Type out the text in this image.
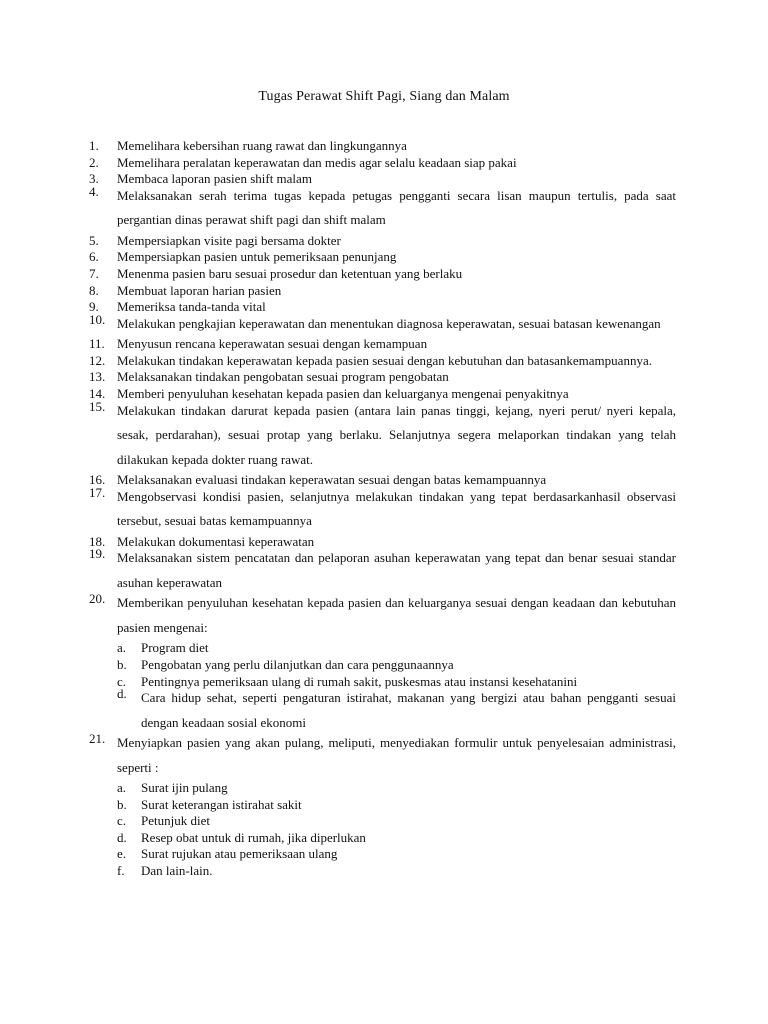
Tugas Perawat Shift Pagi, Siang dan Malam
1.	Memelihara kebersihan ruang rawat dan lingkungannya
2.	Memelihara peralatan keperawatan dan medis agar selalu keadaan siap pakai
3.	Membaca laporan pasien shift malam
4.	Melaksanakan serah terima tugas kepada petugas pengganti secara lisan maupun tertulis, pada saat pergantian dinas perawat shift pagi dan shift malam
5.	Mempersiapkan visite pagi bersama dokter
6.	Mempersiapkan pasien untuk pemeriksaan penunjang
7.	Menenma pasien baru sesuai prosedur dan ketentuan yang berlaku
8.	Membuat laporan harian pasien
9.	Memeriksa tanda-tanda vital
10. Melakukan pengkajian keperawatan dan menentukan diagnosa keperawatan, sesuai batasan kewenangan
11. Menyusun rencana keperawatan sesuai dengan kemampuan
12. Melakukan tindakan keperawatan kepada pasien sesuai dengan kebutuhan dan batasankemampuannya.
13. Melaksanakan tindakan pengobatan sesuai program pengobatan
14. Memberi penyuluhan kesehatan kepada pasien dan keluarganya mengenai penyakitnya
15. Melakukan tindakan darurat kepada pasien (antara lain panas tinggi, kejang, nyeri perut/ nyeri kepala, sesak, perdarahan), sesuai protap yang berlaku. Selanjutnya segera melaporkan tindakan yang telah dilakukan kepada dokter ruang rawat.
16. Melaksanakan evaluasi tindakan keperawatan sesuai dengan batas kemampuannya
17. Mengobservasi kondisi pasien, selanjutnya melakukan tindakan yang tepat berdasarkanhasil observasi tersebut, sesuai batas kemampuannya
18. Melakukan dokumentasi keperawatan
19. Melaksanakan sistem pencatatan dan pelaporan asuhan keperawatan yang tepat dan benar sesuai standar asuhan keperawatan
20. Memberikan penyuluhan kesehatan kepada pasien dan keluarganya sesuai dengan keadaan dan kebutuhan pasien mengenai:
a. Program diet
b. Pengobatan yang perlu dilanjutkan dan cara penggunaannya
c. Pentingnya pemeriksaan ulang di rumah sakit, puskesmas atau instansi kesehatanini
d. Cara hidup sehat, seperti pengaturan istirahat, makanan yang bergizi atau bahan pengganti sesuai dengan keadaan sosial ekonomi
21. Menyiapkan pasien yang akan pulang, meliputi, menyediakan formulir untuk penyelesaian administrasi, seperti :
a. Surat ijin pulang
b. Surat keterangan istirahat sakit
c. Petunjuk diet
d. Resep obat untuk di rumah, jika diperlukan
e. Surat rujukan atau pemeriksaan ulang
f. Dan lain-lain.
